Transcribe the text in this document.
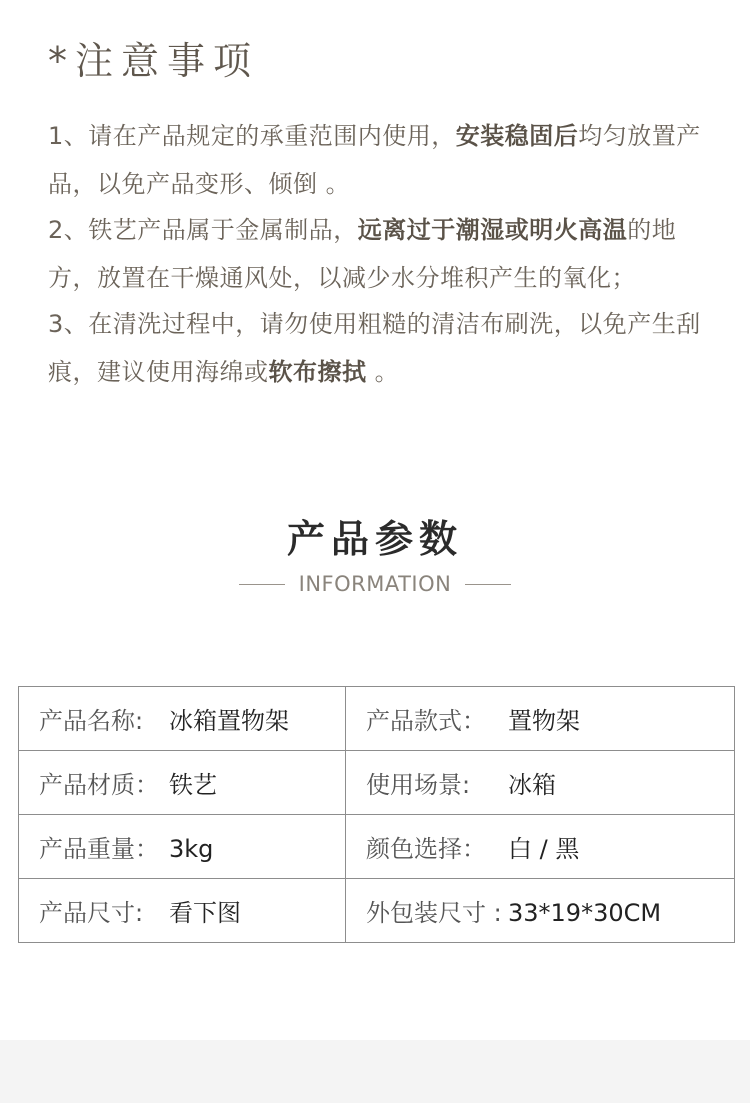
*注意事项

1、请在产品规定的承重范围内使用，安装稳固后均匀放置产品，以免产品变形、倾倒 。

2、铁艺产品属于金属制品，远离过于潮湿或明火高温的地方，放置在干燥通风处，以减少水分堆积产生的氧化；

3、在清洗过程中，请勿使用粗糙的清洁布刷洗，以免产生刮痕，建议使用海绵或软布擦拭 。

产品参数
INFORMATION
产品名称: 冰箱置物架	产品款式： 置物架
产品材质： 铁艺	使用场景: 冰箱
产品重量： 3kg	颜色选择： 白 / 黑
产品尺寸: 看下图	外包装尺寸 : 33*19*30CM
